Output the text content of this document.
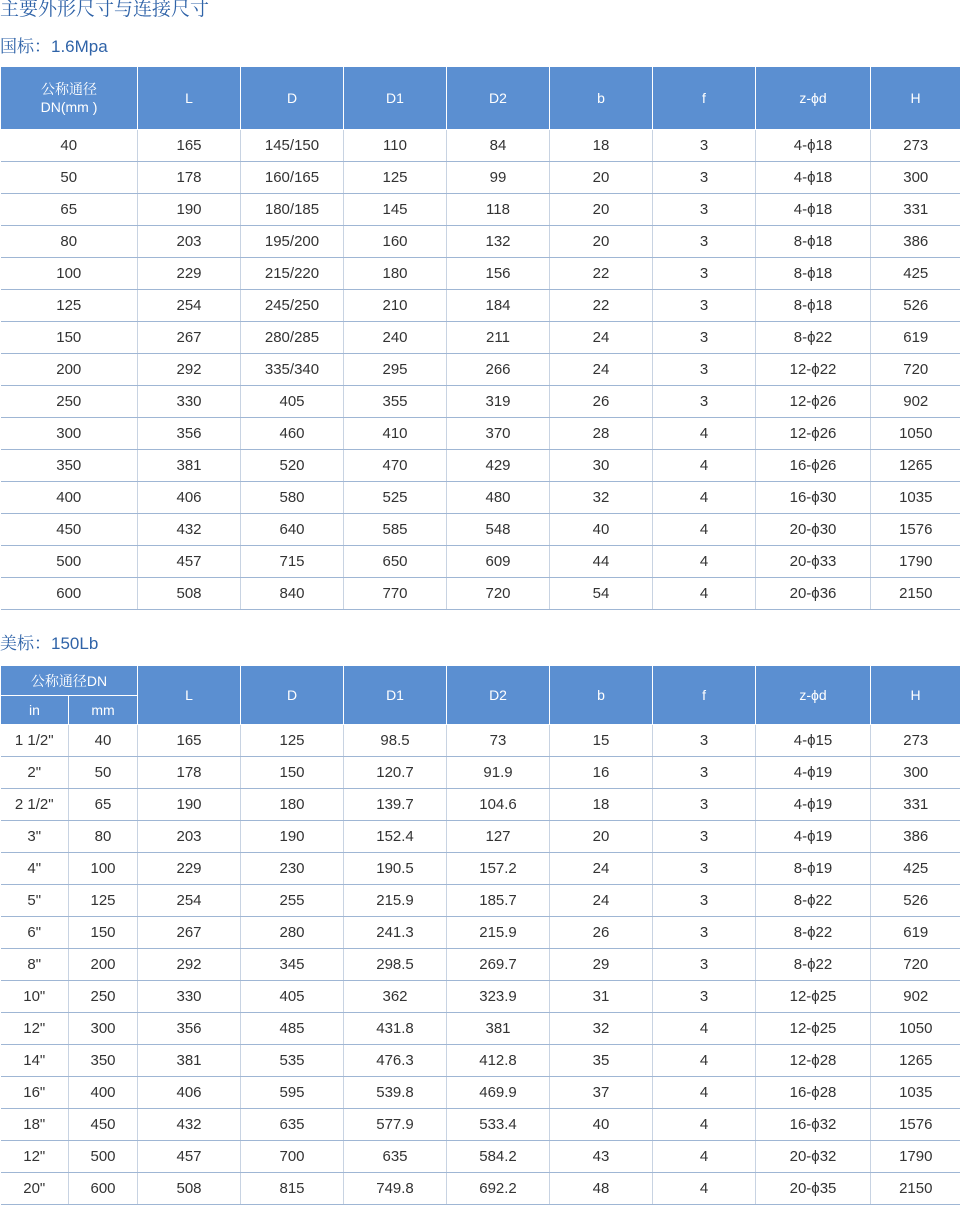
主要外形尺寸与连接尺寸
国标：1.6Mpa
公称通径
DN(mm )	L	D	D1	D2	b	f	z-ϕd	H
40	165	145/150	110	84	18	3	4-ϕ18	273
50	178	160/165	125	99	20	3	4-ϕ18	300
65	190	180/185	145	118	20	3	4-ϕ18	331
80	203	195/200	160	132	20	3	8-ϕ18	386
100	229	215/220	180	156	22	3	8-ϕ18	425
125	254	245/250	210	184	22	3	8-ϕ18	526
150	267	280/285	240	211	24	3	8-ϕ22	619
200	292	335/340	295	266	24	3	12-ϕ22	720
250	330	405	355	319	26	3	12-ϕ26	902
300	356	460	410	370	28	4	12-ϕ26	1050
350	381	520	470	429	30	4	16-ϕ26	1265
400	406	580	525	480	32	4	16-ϕ30	1035
450	432	640	585	548	40	4	20-ϕ30	1576
500	457	715	650	609	44	4	20-ϕ33	1790
600	508	840	770	720	54	4	20-ϕ36	2150
美标：150Lb
公称通径DN		L	D	D1	D2	b	f	z-ϕd	H
in	mm								
1 1/2"	40	165	125	98.5	73	15	3	4-ϕ15	273
2"	50	178	150	120.7	91.9	16	3	4-ϕ19	300
2 1/2"	65	190	180	139.7	104.6	18	3	4-ϕ19	331
3"	80	203	190	152.4	127	20	3	4-ϕ19	386
4"	100	229	230	190.5	157.2	24	3	8-ϕ19	425
5"	125	254	255	215.9	185.7	24	3	8-ϕ22	526
6"	150	267	280	241.3	215.9	26	3	8-ϕ22	619
8"	200	292	345	298.5	269.7	29	3	8-ϕ22	720
10"	250	330	405	362	323.9	31	3	12-ϕ25	902
12"	300	356	485	431.8	381	32	4	12-ϕ25	1050
14"	350	381	535	476.3	412.8	35	4	12-ϕ28	1265
16"	400	406	595	539.8	469.9	37	4	16-ϕ28	1035
18"	450	432	635	577.9	533.4	40	4	16-ϕ32	1576
12"	500	457	700	635	584.2	43	4	20-ϕ32	1790
20"	600	508	815	749.8	692.2	48	4	20-ϕ35	2150
